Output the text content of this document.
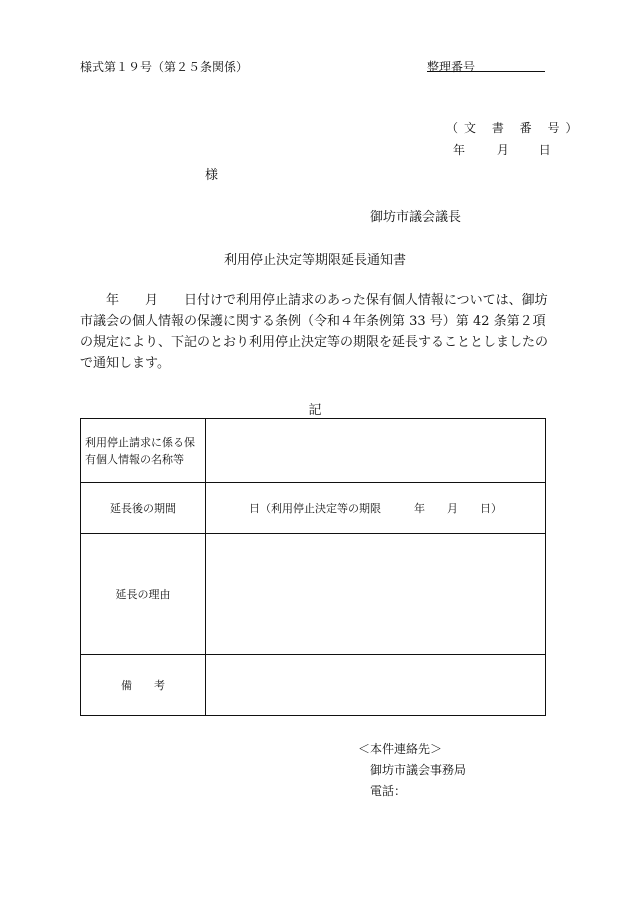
様式第１９号（第２５条関係）	整理番号
（文 書 番 号）
年	月 日
様
御坊市議会議長
利用停止決定等期限延長通知書

　　年　　月　　日付けで利用停止請求のあった保有個人情報については、御坊市議会の個人情報の保護に関する条例（令和４年条例第 33 号）第 42 条第２項の規定により、下記のとおり利用停止決定等の期限を延長することとしましたので通知します。

記
利用停止請求に係る保有個人情報の名称等	
延長後の期間	日（利用停止決定等の期限　　　年　　月　　日）
延長の理由	
備　　考	
＜本件連絡先＞
御坊市議会事務局
電話：
